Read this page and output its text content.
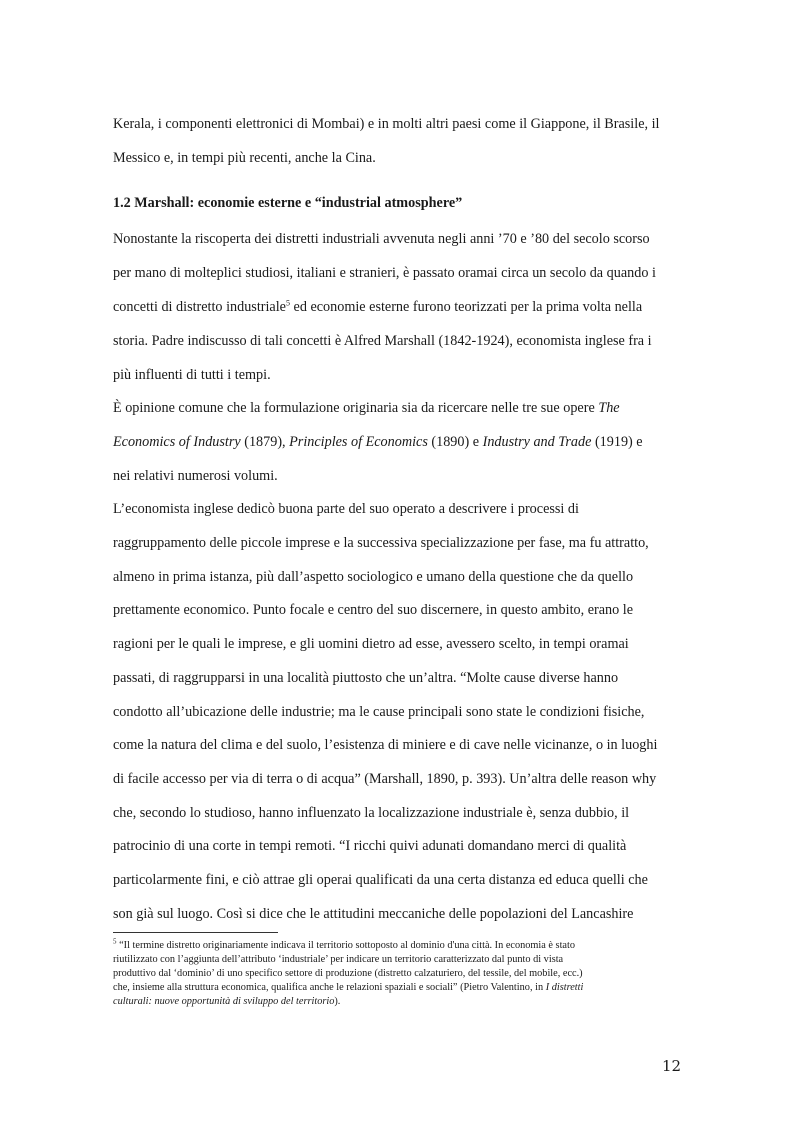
Kerala, i componenti elettronici di Mombai) e in molti altri paesi come il Giappone, il Brasile, il
Messico e, in tempi più recenti, anche la Cina.
1.2 Marshall: economie esterne e “industrial atmosphere”
Nonostante la riscoperta dei distretti industriali avvenuta negli anni ’70 e ’80 del secolo scorso
per mano di molteplici studiosi, italiani e stranieri, è passato oramai circa un secolo da quando i
concetti di distretto industriale$^5$ ed economie esterne furono teorizzati per la prima volta nella
storia. Padre indiscusso di tali concetti è Alfred Marshall (1842-1924), economista inglese fra i
più influenti di tutti i tempi.
È opinione comune che la formulazione originaria sia da ricercare nelle tre sue opere The
Economics of Industry (1879), Principles of Economics (1890) e Industry and Trade (1919) e
nei relativi numerosi volumi.
L’economista inglese dedicò buona parte del suo operato a descrivere i processi di
raggruppamento delle piccole imprese e la successiva specializzazione per fase, ma fu attratto,
almeno in prima istanza, più dall’aspetto sociologico e umano della questione che da quello
prettamente economico. Punto focale e centro del suo discernere, in questo ambito, erano le
ragioni per le quali le imprese, e gli uomini dietro ad esse, avessero scelto, in tempi oramai
passati, di raggrupparsi in una località piuttosto che un’altra. “Molte cause diverse hanno
condotto all’ubicazione delle industrie; ma le cause principali sono state le condizioni fisiche,
come la natura del clima e del suolo, l’esistenza di miniere e di cave nelle vicinanze, o in luoghi
di facile accesso per via di terra o di acqua” (Marshall, 1890, p. 393). Un’altra delle reason why
che, secondo lo studioso, hanno influenzato la localizzazione industriale è, senza dubbio, il
patrocinio di una corte in tempi remoti. “I ricchi quivi adunati domandano merci di qualità
particolarmente fini, e ciò attrae gli operai qualificati da una certa distanza ed educa quelli che
son già sul luogo. Così si dice che le attitudini meccaniche delle popolazioni del Lancashire
$^5$ “Il termine distretto originariamente indicava il territorio sottoposto al dominio d'una città. In economia è stato
riutilizzato con l’aggiunta dell’attributo ‘industriale’ per indicare un territorio caratterizzato dal punto di vista
produttivo dal ‘dominio’ di uno specifico settore di produzione (distretto calzaturiero, del tessile, del mobile, ecc.)
che, insieme alla struttura economica, qualifica anche le relazioni spaziali e sociali” (Pietro Valentino, in I distretti
culturali: nuove opportunità di sviluppo del territorio).
12
